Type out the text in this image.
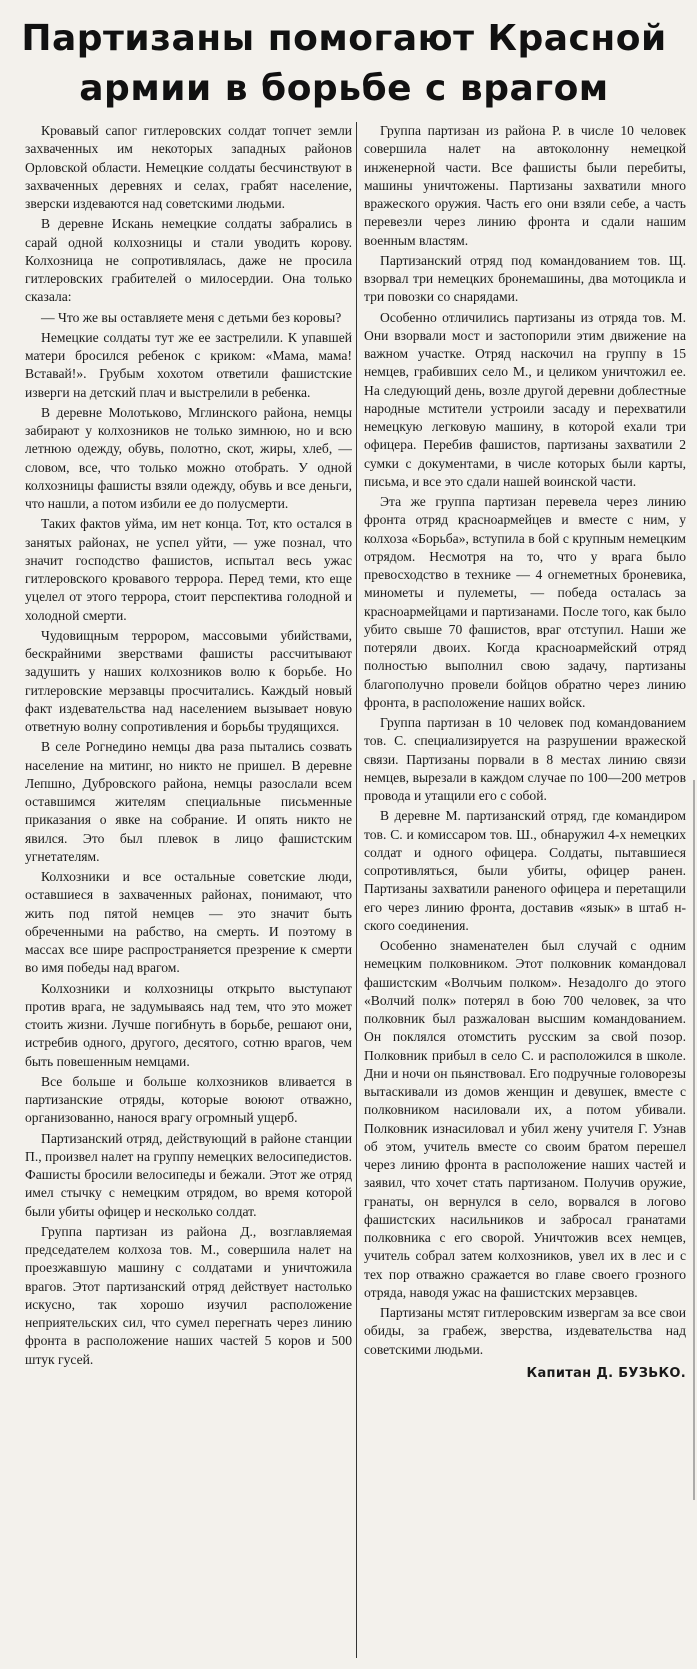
Партизаны помогают Красной
армии в борьбе с врагом

Кровавый сапог гитлеровских солдат топчет земли захваченных им некоторых западных районов Орловской области. Немецкие солдаты бесчинствуют в захваченных деревнях и селах, грабят население, зверски издеваются над советскими людьми.

В деревне Искань немецкие солдаты забрались в сарай одной колхозницы и стали уводить корову. Колхозница не сопротивлялась, даже не просила гитлеровских грабителей о милосердии. Она только сказала:

— Что же вы оставляете меня с детьми без коровы?

Немецкие солдаты тут же ее застрелили. К упавшей матери бросился ребенок с криком: «Мама, мама! Вставай!». Грубым хохотом ответили фашистские изверги на детский плач и выстрелили в ребенка.

В деревне Молотьково, Мглинского района, немцы забирают у колхозников не только зимнюю, но и всю летнюю одежду, обувь, полотно, скот, жиры, хлеб, — словом, все, что только можно отобрать. У одной колхозницы фашисты взяли одежду, обувь и все деньги, что нашли, а потом избили ее до полусмерти.

Таких фактов уйма, им нет конца. Тот, кто остался в занятых районах, не успел уйти, — уже познал, что значит господство фашистов, испытал весь ужас гитлеровского кровавого террора. Перед теми, кто еще уцелел от этого террора, стоит перспектива голодной и холодной смерти.

Чудовищным террором, массовыми убийствами, бескрайними зверствами фашисты рассчитывают задушить у наших колхозников волю к борьбе. Но гитлеровские мерзавцы просчитались. Каждый новый факт издевательства над населением вызывает новую ответную волну сопротивления и борьбы трудящихся.

В селе Рогнедино немцы два раза пытались созвать население на митинг, но никто не пришел. В деревне Лепшно, Дубровского района, немцы разослали всем оставшимся жителям специальные письменные приказания о явке на собрание. И опять никто не явился. Это был плевок в лицо фашистским угнетателям.

Колхозники и все остальные советские люди, оставшиеся в захваченных районах, понимают, что жить под пятой немцев — это значит быть обреченными на рабство, на смерть. И поэтому в массах все шире распространяется презрение к смерти во имя победы над врагом.

Колхозники и колхозницы открыто выступают против врага, не задумываясь над тем, что это может стоить жизни. Лучше погибнуть в борьбе, решают они, истребив одного, другого, десятого, сотню врагов, чем быть повешенным немцами.

Все больше и больше колхозников вливается в партизанские отряды, которые воюют отважно, организованно, нанося врагу огромный ущерб.

Партизанский отряд, действующий в районе станции П., произвел налет на группу немецких велосипедистов. Фашисты бросили велосипеды и бежали. Этот же отряд имел стычку с немецким отрядом, во время которой были убиты офицер и несколько солдат.

Группа партизан из района Д., возглавляемая председателем колхоза тов. М., совершила налет на проезжавшую машину с солдатами и уничтожила врагов. Этот партизанский отряд действует настолько искусно, так хорошо изучил расположение неприятельских сил, что сумел перегнать через линию фронта в расположение наших частей 5 коров и 500 штук гусей.

Группа партизан из района Р. в числе 10 человек совершила налет на автоколонну немецкой инженерной части. Все фашисты были перебиты, машины уничтожены. Партизаны захватили много вражеского оружия. Часть его они взяли себе, а часть перевезли через линию фронта и сдали нашим военным властям.

Партизанский отряд под командованием тов. Щ. взорвал три немецких бронемашины, два мотоцикла и три повозки со снарядами.

Особенно отличились партизаны из отряда тов. М. Они взорвали мост и застопорили этим движение на важном участке. Отряд наскочил на группу в 15 немцев, грабивших село М., и целиком уничтожил ее. На следующий день, возле другой деревни доблестные народные мстители устроили засаду и перехватили немецкую легковую машину, в которой ехали три офицера. Перебив фашистов, партизаны захватили 2 сумки с документами, в числе которых были карты, письма, и все это сдали нашей воинской части.

Эта же группа партизан перевела через линию фронта отряд красноармейцев и вместе с ним, у колхоза «Борьба», вступила в бой с крупным немецким отрядом. Несмотря на то, что у врага было превосходство в технике — 4 огнеметных броневика, минометы и пулеметы, — победа осталась за красноармейцами и партизанами. После того, как было убито свыше 70 фашистов, враг отступил. Наши же потеряли двоих. Когда красноармейский отряд полностью выполнил свою задачу, партизаны благополучно провели бойцов обратно через линию фронта, в расположение наших войск.

Группа партизан в 10 человек под командованием тов. С. специализируется на разрушении вражеской связи. Партизаны порвали в 8 местах линию связи немцев, вырезали в каждом случае по 100—200 метров провода и утащили его с собой.

В деревне М. партизанский отряд, где командиром тов. С. и комиссаром тов. Ш., обнаружил 4-х немецких солдат и одного офицера. Солдаты, пытавшиеся сопротивляться, были убиты, офицер ранен. Партизаны захватили раненого офицера и перетащили его через линию фронта, доставив «язык» в штаб н-ского соединения.

Особенно знаменателен был случай с одним немецким полковником. Этот полковник командовал фашистским «Волчьим полком». Незадолго до этого «Волчий полк» потерял в бою 700 человек, за что полковник был разжалован высшим командованием. Он поклялся отомстить русским за свой позор. Полковник прибыл в село С. и расположился в школе. Дни и ночи он пьянствовал. Его подручные головорезы вытаскивали из домов женщин и девушек, вместе с полковником насиловали их, а потом убивали. Полковник изнасиловал и убил жену учителя Г. Узнав об этом, учитель вместе со своим братом перешел через линию фронта в расположение наших частей и заявил, что хочет стать партизаном. Получив оружие, гранаты, он вернулся в село, ворвался в логово фашистских насильников и забросал гранатами полковника с его сворой. Уничтожив всех немцев, учитель собрал затем колхозников, увел их в лес и с тех пор отважно сражается во главе своего грозного отряда, наводя ужас на фашистских мерзавцев.

Партизаны мстят гитлеровским извергам за все свои обиды, за грабеж, зверства, издевательства над советскими людьми.

Капитан Д. БУЗЬКО.
